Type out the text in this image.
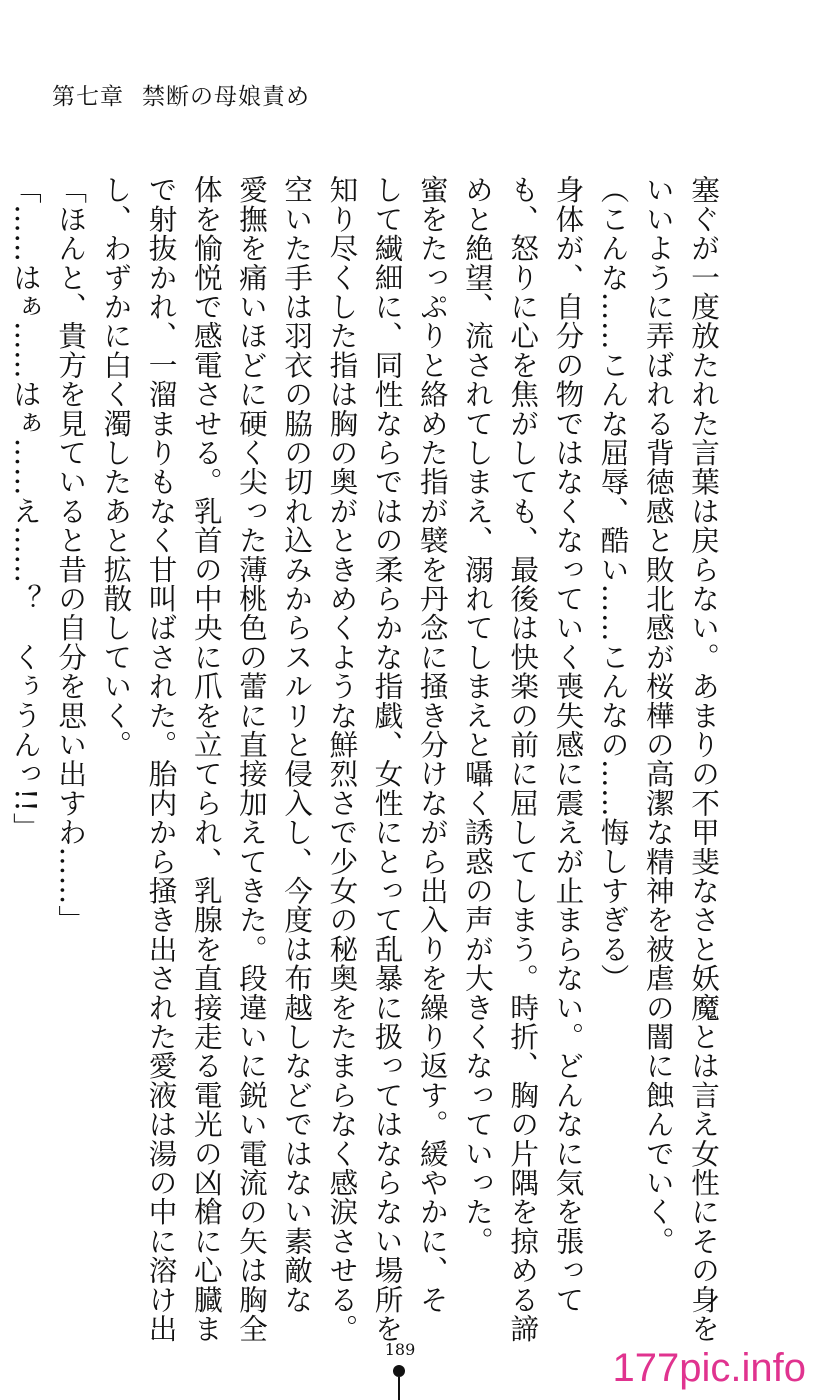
第七章 禁断の母娘責め
塞ぐが一度放たれた言葉は戻らない。あまりの不甲斐なさと妖魔とは言え女性にその身を
いいように弄ばれる背徳感と敗北感が桜樺の高潔な精神を被虐の闇に蝕んでいく。
（こんな……こんな屈辱、酷い……こんなの……悔しすぎる）
身体が、自分の物ではなくなっていく喪失感に震えが止まらない。どんなに気を張って
も、怒りに心を焦がしても、最後は快楽の前に屈してしまう。時折、胸の片隅を掠める諦
めと絶望、流されてしまえ、溺れてしまえと囁く誘惑の声が大きくなっていった。
蜜をたっぷりと絡めた指が襞を丹念に掻き分けながら出入りを繰り返す。緩やかに、そ
して繊細に、同性ならではの柔らかな指戯、女性にとって乱暴に扱ってはならない場所を
知り尽くした指は胸の奥がときめくような鮮烈さで少女の秘奥をたまらなく感涙させる。
空いた手は羽衣の脇の切れ込みからスルリと侵入し、今度は布越しなどではない素敵な
愛撫を痛いほどに硬く尖った薄桃色の蕾に直接加えてきた。段違いに鋭い電流の矢は胸全
体を愉悦で感電させる。乳首の中央に爪を立てられ、乳腺を直接走る電光の凶槍に心臓ま
で射抜かれ、一溜まりもなく甘叫ばされた。胎内から掻き出された愛液は湯の中に溶け出
し、わずかに白く濁したあと拡散していく。
「ほんと、貴方を見ていると昔の自分を思い出すわ……」
「……はぁ……はぁ……え……？　くぅうんっ!!」
189	177pic.info
